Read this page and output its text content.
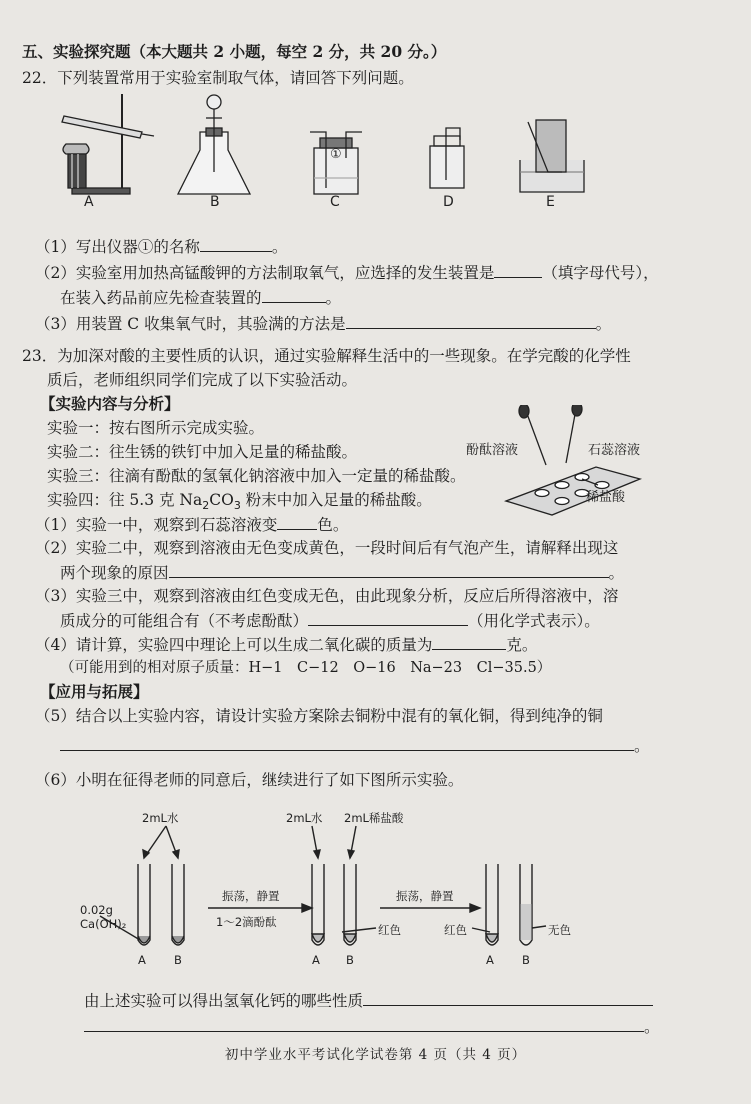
五、实验探究题（本大题共 2 小题，每空 2 分，共 20 分。）
22．下列装置常用于实验室制取气体，请回答下列问题。
①
A	B	C	D	E
（1）写出仪器①的名称	。
（2）实验室用加热高锰酸钾的方法制取氧气，应选择的发生装置是	（填字母代号），
在装入药品前应先检查装置的	。
（3）用装置 C 收集氧气时，其验满的方法是	。
23．为加深对酸的主要性质的认识，通过实验解释生活中的一些现象。在学完酸的化学性
质后，老师组织同学们完成了以下实验活动。
【实验内容与分析】
实验一：按右图所示完成实验。
实验二：往生锈的铁钉中加入足量的稀盐酸。
实验三：往滴有酚酞的氢氧化钠溶液中加入一定量的稀盐酸。
实验四：往 5.3 克 $Na_2CO_3$ 粉末中加入足量的稀盐酸。
酚酞溶液	石蕊溶液
稀盐酸
（1）实验一中，观察到石蕊溶液变	色。
（2）实验二中，观察到溶液由无色变成黄色，一段时间后有气泡产生，请解释出现这
两个现象的原因	。
（3）实验三中，观察到溶液由红色变成无色，由此现象分析，反应后所得溶液中，溶
质成分的可能组合有（不考虑酚酞）	（用化学式表示）。
（4）请计算，实验四中理论上可以生成二氧化碳的质量为	克。
（可能用到的相对原子质量：H−1　C−12　O−16　Na−23　Cl−35.5）
【应用与拓展】
（5）结合以上实验内容，请设计实验方案除去铜粉中混有的氧化铜，得到纯净的铜
。
（6）小明在征得老师的同意后，继续进行了如下图所示实验。
2mL水	2mL水 2mL稀盐酸
0.02g
Ca(OH)₂
振荡，静置
1～2滴酚酞
振荡，静置
红色	红色	无色
A B	A B	A B
由上述实验可以得出氢氧化钙的哪些性质
。
初中学业水平考试化学试卷第 4 页（共 4 页）
